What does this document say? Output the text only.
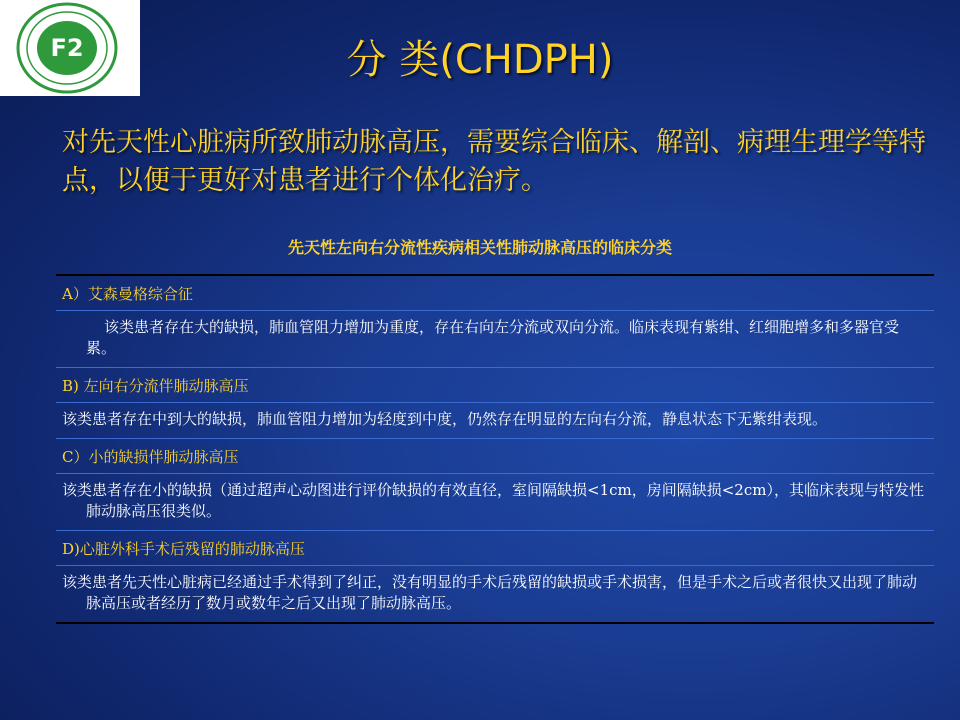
F2	分 类(CHDPH)
对先天性心脏病所致肺动脉高压，需要综合临床、解剖、病理生理学等特点，以便于更好对患者进行个体化治疗。
先天性左向右分流性疾病相关性肺动脉高压的临床分类
A）艾森曼格综合征
该类患者存在大的缺损，肺血管阻力增加为重度，存在右向左分流或双向分流。临床表现有紫绀、红细胞增多和多器官受累。
B) 左向右分流伴肺动脉高压
该类患者存在中到大的缺损，肺血管阻力增加为轻度到中度，仍然存在明显的左向右分流，静息状态下无紫绀表现。
C）小的缺损伴肺动脉高压
该类患者存在小的缺损（通过超声心动图进行评价缺损的有效直径，室间隔缺损<1cm，房间隔缺损<2cm），其临床表现与特发性肺动脉高压很类似。
D)心脏外科手术后残留的肺动脉高压
该类患者先天性心脏病已经通过手术得到了纠正，没有明显的手术后残留的缺损或手术损害，但是手术之后或者很快又出现了肺动脉高压或者经历了数月或数年之后又出现了肺动脉高压。
